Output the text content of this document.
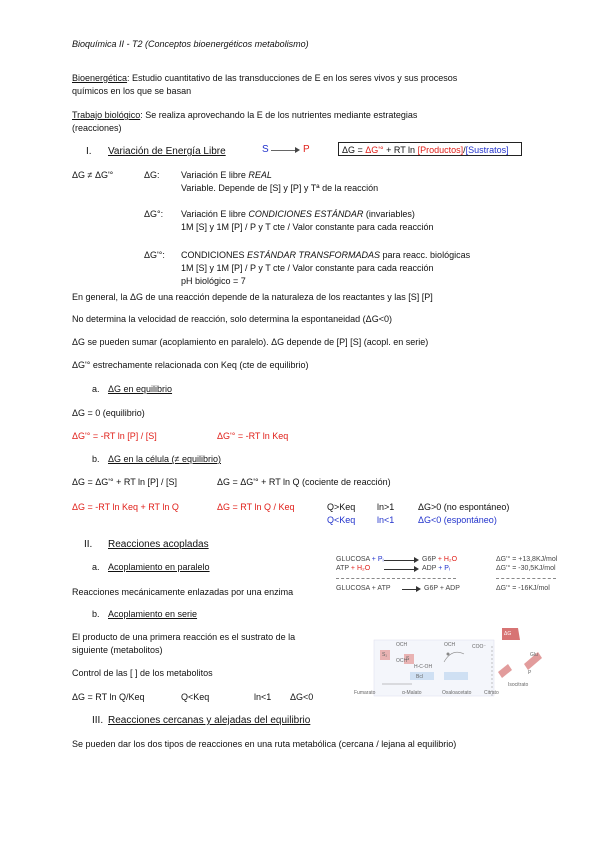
Bioquímica II - T2 (Conceptos bioenergéticos metabolismo)
Bioenergética: Estudio cuantitativo de las transducciones de E en los seres vivos y sus procesos
químicos en los que se basan
Trabajo biológico: Se realiza aprovechando la E de los nutrientes mediante estrategias
(reacciones)
I. Variación de Energía Libre	S	P	ΔG = ΔG'° + RT ln [Productos]/[Sustratos]
ΔG ≠ ΔG'°	ΔG: Variación E libre REAL
Variable. Depende de [S] y [P] y Tª de la reacción
ΔG°: Variación E libre CONDICIONES ESTÁNDAR (invariables)
1M [S] y 1M [P] / P y T cte / Valor constante para cada reacción
ΔG'°: CONDICIONES ESTÁNDAR TRANSFORMADAS para reacc. biológicas
1M [S] y 1M [P] / P y T cte / Valor constante para cada reacción
pH biológico = 7
En general, la ΔG de una reacción depende de la naturaleza de los reactantes y las [S] [P]
No determina la velocidad de reacción, solo determina la espontaneidad (ΔG<0)
ΔG se pueden sumar (acoplamiento en paralelo). ΔG depende de [P] [S] (acopl. en serie)
ΔG'° estrechamente relacionada con Keq (cte de equilibrio)
a. ΔG en equilibrio
ΔG = 0 (equilibrio)
ΔG'° = -RT ln [P] / [S]	ΔG'° = -RT ln Keq
b. ΔG en la célula (≠ equilibrio)
ΔG = ΔG'° + RT ln [P] / [S]	ΔG = ΔG'° + RT ln Q (cociente de reacción)
ΔG = -RT ln Keq + RT ln Q	ΔG = RT ln Q / Keq	Q>Keq ln>1	ΔG>0 (no espontáneo)
Q<Keq ln<1	ΔG<0 (espontáneo)
II. Reacciones acopladas
a. Acoplamiento en paralelo
Reacciones mecánicamente enlazadas por una enzima
GLUCOSA + Pᵢ	G6P + H₂O	ΔG'° = +13,8KJ/mol
ATP + H₂O	ADP + Pᵢ	ΔG'° = -30,5KJ/mol
GLUCOSA + ATP	G6P + ADP	ΔG'° = -16KJ/mol
b. Acoplamiento en serie
El producto de una primera reacción es el sustrato de la
siguiente (metabolitos)
Control de las [ ] de los metabolitos
ΔG = RT ln Q/Keq	Q<Keq	ln<1 ΔG<0
S₁
OCH
OCH
OCH
S
COO⁻
H-C-OH
Bcl
P
Fumarato	α-Malato	Oxaloacetato	Citrato
Isocitrato
Glu
ΔG
III. Reacciones cercanas y alejadas del equilibrio
Se pueden dar los dos tipos de reacciones en una ruta metabólica (cercana / lejana al equilibrio)
